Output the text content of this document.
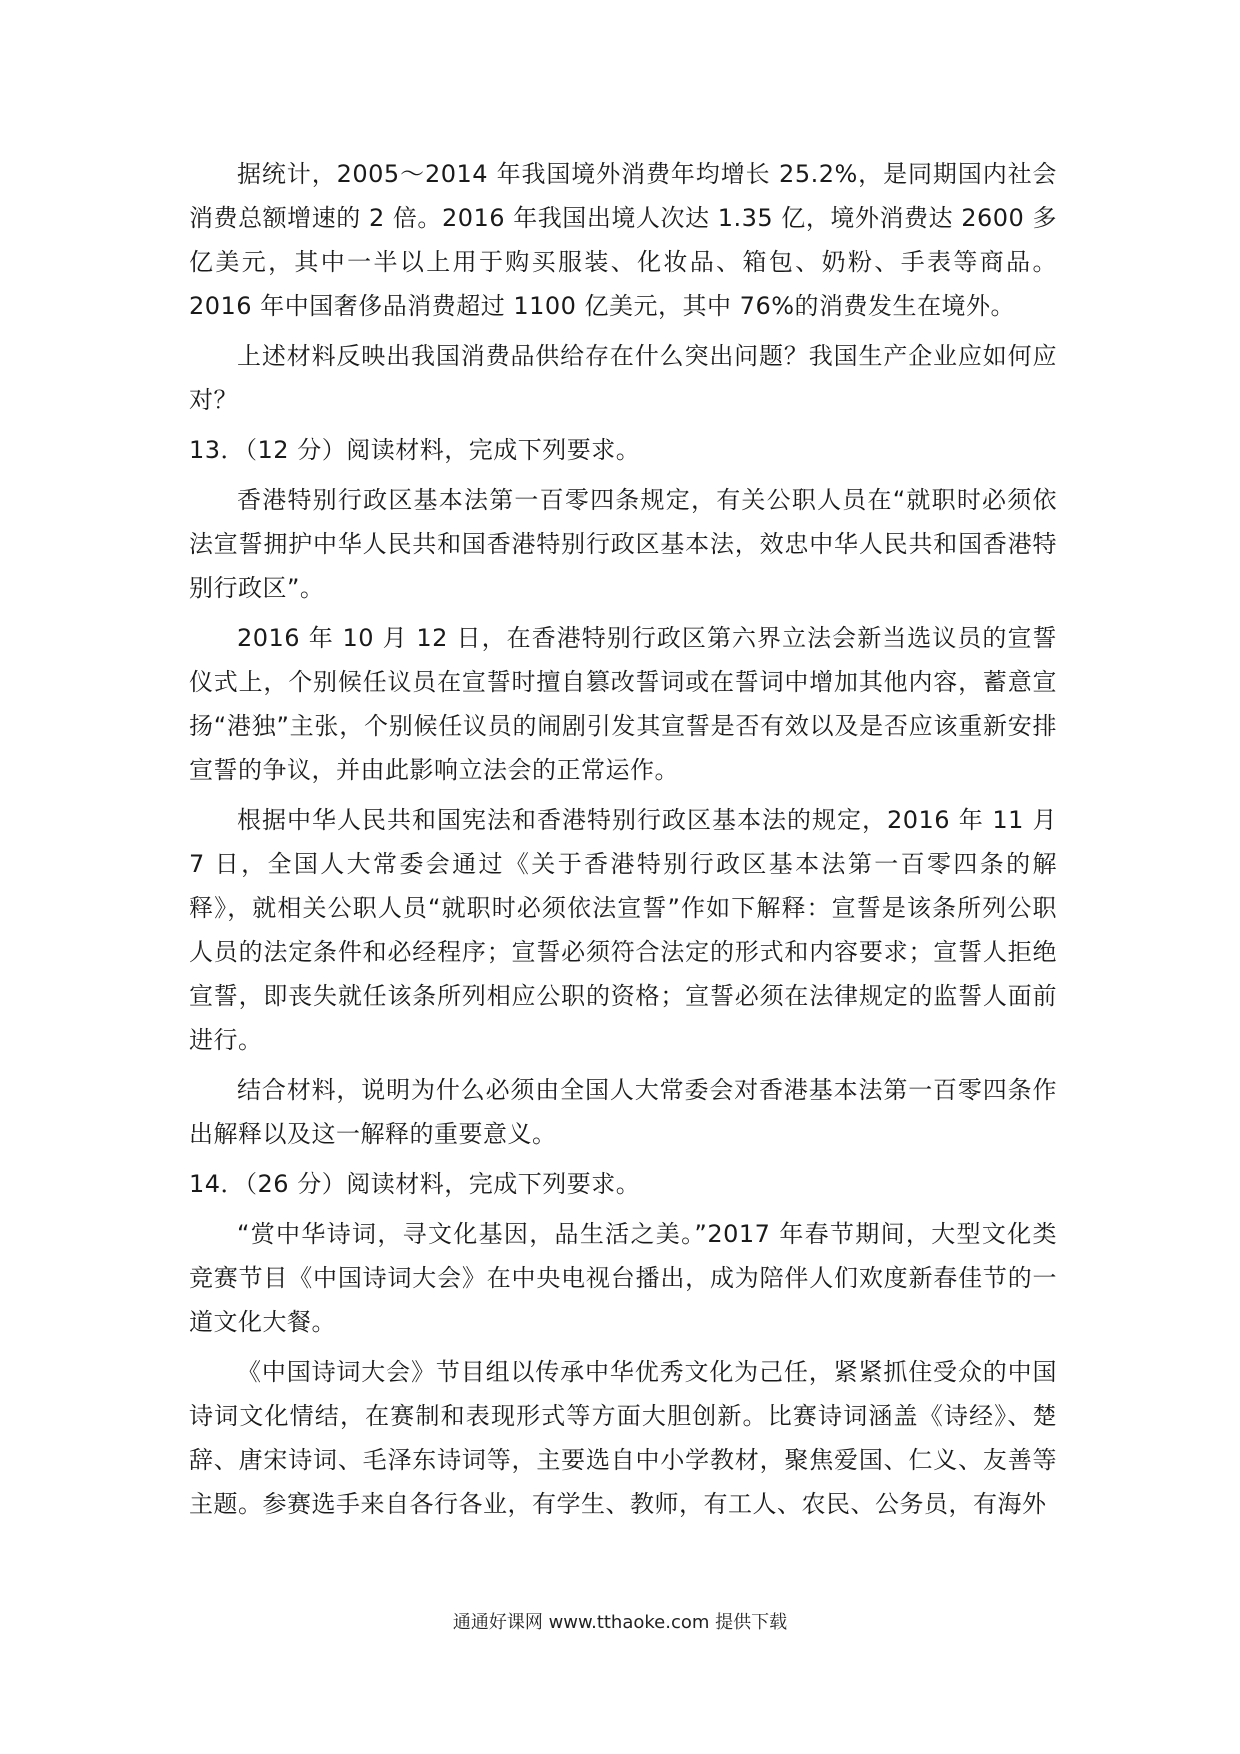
据统计，2005～2014 年我国境外消费年均增长 25.2%，是同期国内社会消费总额增速的 2 倍。2016 年我国出境人次达 1.35 亿，境外消费达 2600 多亿美元，其中一半以上用于购买服装、化妆品、箱包、奶粉、手表等商品。2016 年中国奢侈品消费超过 1100 亿美元，其中 76%的消费发生在境外。

上述材料反映出我国消费品供给存在什么突出问题？我国生产企业应如何应对？

13．（12 分）阅读材料，完成下列要求。

香港特别行政区基本法第一百零四条规定，有关公职人员在“就职时必须依法宣誓拥护中华人民共和国香港特别行政区基本法，效忠中华人民共和国香港特别行政区”。

2016 年 10 月 12 日，在香港特别行政区第六界立法会新当选议员的宣誓仪式上，个别候任议员在宣誓时擅自篡改誓词或在誓词中增加其他内容，蓄意宣扬“港独”主张，个别候任议员的闹剧引发其宣誓是否有效以及是否应该重新安排宣誓的争议，并由此影响立法会的正常运作。

根据中华人民共和国宪法和香港特别行政区基本法的规定，2016 年 11 月 7 日，全国人大常委会通过《关于香港特别行政区基本法第一百零四条的解释》，就相关公职人员“就职时必须依法宣誓”作如下解释：宣誓是该条所列公职人员的法定条件和必经程序；宣誓必须符合法定的形式和内容要求；宣誓人拒绝宣誓，即丧失就任该条所列相应公职的资格；宣誓必须在法律规定的监誓人面前进行。

结合材料，说明为什么必须由全国人大常委会对香港基本法第一百零四条作出解释以及这一解释的重要意义。

14．（26 分）阅读材料，完成下列要求。

“赏中华诗词，寻文化基因，品生活之美。”2017 年春节期间，大型文化类竞赛节目《中国诗词大会》在中央电视台播出，成为陪伴人们欢度新春佳节的一道文化大餐。

《中国诗词大会》节目组以传承中华优秀文化为己任，紧紧抓住受众的中国诗词文化情结，在赛制和表现形式等方面大胆创新。比赛诗词涵盖《诗经》、楚辞、唐宋诗词、毛泽东诗词等，主要选自中小学教材，聚焦爱国、仁义、友善等主题。参赛选手来自各行各业，有学生、教师，有工人、农民、公务员，有海外

通通好课网 www.tthaoke.com 提供下载
